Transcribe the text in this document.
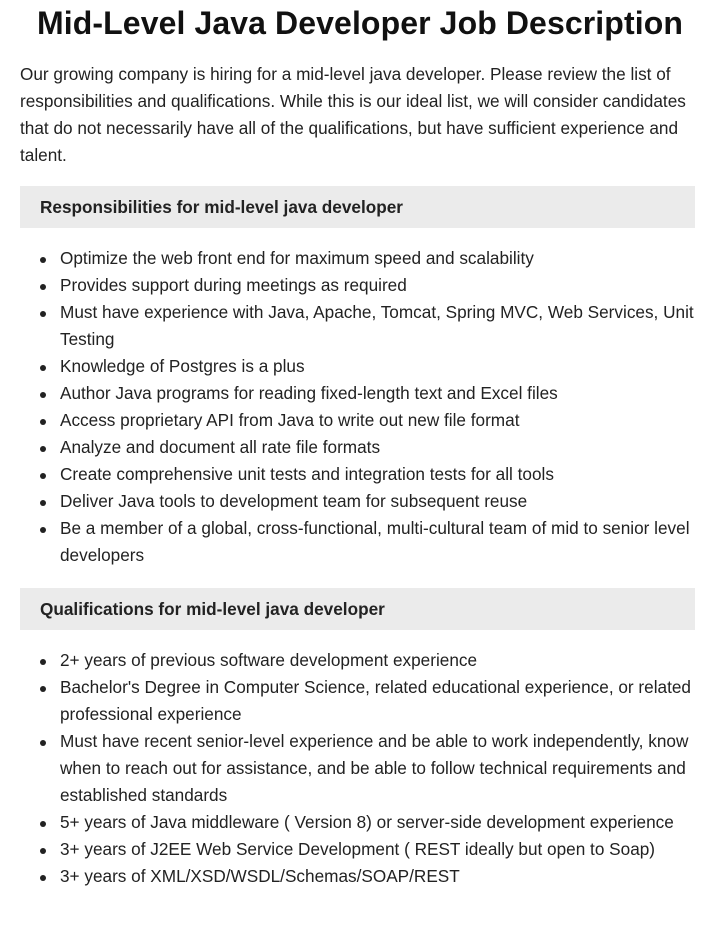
Mid-Level Java Developer Job Description

Our growing company is hiring for a mid-level java developer. Please review the list of responsibilities and qualifications. While this is our ideal list, we will consider candidates that do not necessarily have all of the qualifications, but have sufficient experience and talent.

Responsibilities for mid-level java developer
Optimize the web front end for maximum speed and scalability
Provides support during meetings as required
Must have experience with Java, Apache, Tomcat, Spring MVC, Web Services, Unit Testing
Knowledge of Postgres is a plus
Author Java programs for reading fixed-length text and Excel files
Access proprietary API from Java to write out new file format
Analyze and document all rate file formats
Create comprehensive unit tests and integration tests for all tools
Deliver Java tools to development team for subsequent reuse
Be a member of a global, cross-functional, multi-cultural team of mid to senior level developers
Qualifications for mid-level java developer
2+ years of previous software development experience
Bachelor's Degree in Computer Science, related educational experience, or related professional experience
Must have recent senior-level experience and be able to work independently, know when to reach out for assistance, and be able to follow technical requirements and established standards
5+ years of Java middleware ( Version 8) or server-side development experience
3+ years of J2EE Web Service Development ( REST ideally but open to Soap)
3+ years of XML/XSD/WSDL/Schemas/SOAP/REST
